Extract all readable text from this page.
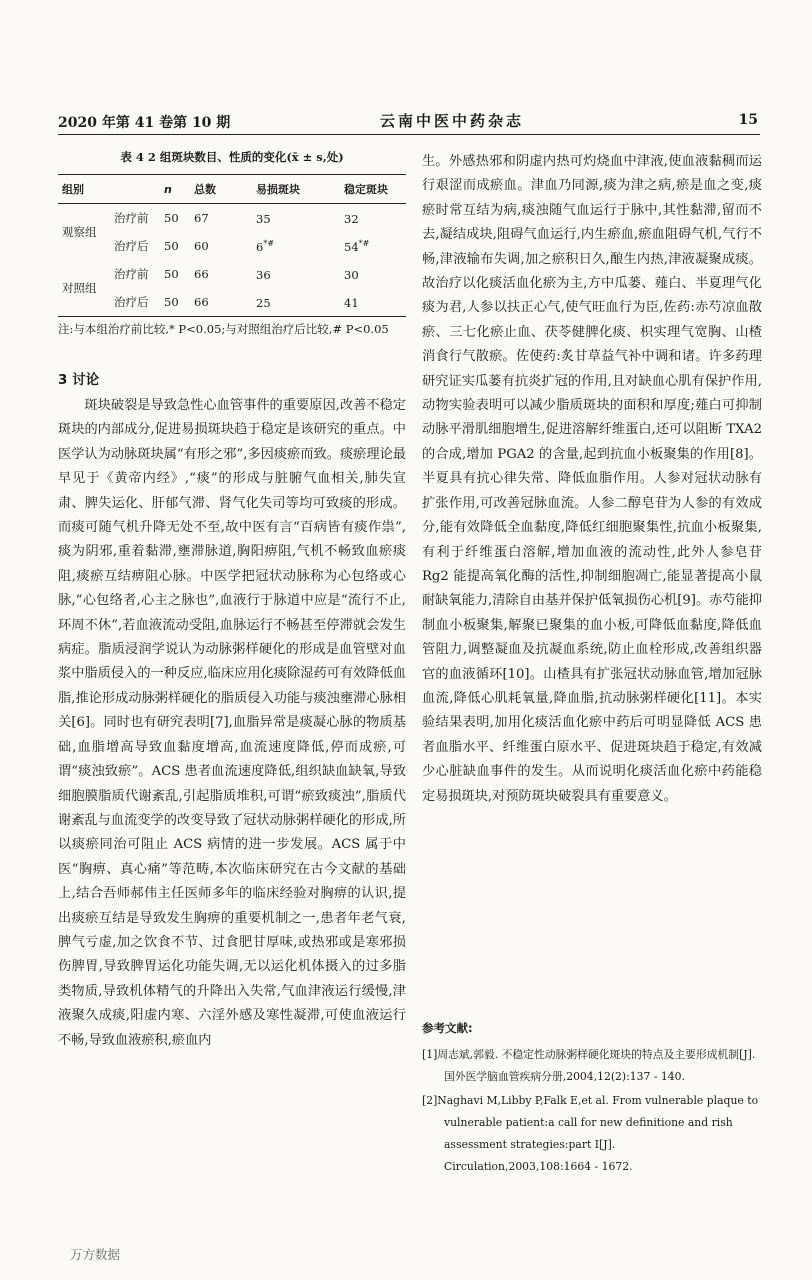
2020 年第 41 卷第 10 期	云南中医中药杂志	15
表 4 2 组斑块数目、性质的变化(x̄ ± s,处)
组别		n	总数	易损斑块	稳定斑块
观察组	治疗前	50	67	35	32
	治疗后	50	60	6*#	54*#
对照组	治疗前	50	66	36	30
	治疗后	50	66	25	41
注:与本组治疗前比较,* P<0.05;与对照组治疗后比较,# P<0.05
3 讨论
斑块破裂是导致急性心血管事件的重要原因,改善不稳定斑块的内部成分,促进易损斑块趋于稳定是该研究的重点。中医学认为动脉斑块属“有形之邪”,多因痰瘀而致。痰瘀理论最早见于《黄帝内经》,“痰”的形成与脏腑气血相关,肺失宣肃、脾失运化、肝郁气滞、肾气化失司等均可致痰的形成。而痰可随气机升降无处不至,故中医有言“百病皆有痰作祟”,痰为阴邪,重着黏滞,壅滞脉道,胸阳痹阻,气机不畅致血瘀痰阻,痰瘀互结痹阻心脉。中医学把冠状动脉称为心包络或心脉,“心包络者,心主之脉也”,血液行于脉道中应是“流行不止,环周不休”,若血液流动受阻,血脉运行不畅甚至停滞就会发生病症。脂质浸润学说认为动脉粥样硬化的形成是血管壁对血浆中脂质侵入的一种反应,临床应用化痰除湿药可有效降低血脂,推论形成动脉粥样硬化的脂质侵入功能与痰浊壅滞心脉相关[6]。同时也有研究表明[7],血脂异常是痰凝心脉的物质基础,血脂增高导致血黏度增高,血流速度降低,停而成瘀,可谓“痰浊致瘀”。ACS 患者血流速度降低,组织缺血缺氧,导致细胞膜脂质代谢紊乱,引起脂质堆积,可谓“瘀致痰浊”,脂质代谢紊乱与血流变学的改变导致了冠状动脉粥样硬化的形成,所以痰瘀同治可阻止 ACS 病情的进一步发展。ACS 属于中医“胸痹、真心痛”等范畴,本次临床研究在古今文献的基础上,结合吾师郝伟主任医师多年的临床经验对胸痹的认识,提出痰瘀互结是导致发生胸痹的重要机制之一,患者年老气衰,脾气亏虚,加之饮食不节、过食肥甘厚味,或热邪或是寒邪损伤脾胃,导致脾胃运化功能失调,无以运化机体摄入的过多脂类物质,导致机体精气的升降出入失常,气血津液运行缓慢,津液聚久成痰,阳虚内寒、六淫外感及寒性凝滞,可使血液运行不畅,导致血液瘀积,瘀血内
生。外感热邪和阴虚内热可灼烧血中津液,使血液黏稠而运行艰涩而成瘀血。津血乃同源,痰为津之病,瘀是血之变,痰瘀时常互结为病,痰浊随气血运行于脉中,其性黏滞,留而不去,凝结成块,阻碍气血运行,内生瘀血,瘀血阻碍气机,气行不畅,津液输布失调,加之瘀积日久,酿生内热,津液凝聚成痰。故治疗以化痰活血化瘀为主,方中瓜蒌、薤白、半夏理气化痰为君,人参以扶正心气,使气旺血行为臣,佐药:赤芍凉血散瘀、三七化瘀止血、茯苓健脾化痰、枳实理气宽胸、山楂消食行气散瘀。佐使药:炙甘草益气补中调和诸。许多药理研究证实瓜蒌有抗炎扩冠的作用,且对缺血心肌有保护作用,动物实验表明可以减少脂质斑块的面积和厚度;薤白可抑制动脉平滑肌细胞增生,促进溶解纤维蛋白,还可以阻断 TXA2 的合成,增加 PGA2 的含量,起到抗血小板聚集的作用[8]。半夏具有抗心律失常、降低血脂作用。人参对冠状动脉有扩张作用,可改善冠脉血流。人参二醇皂苷为人参的有效成分,能有效降低全血黏度,降低红细胞聚集性,抗血小板聚集,有利于纤维蛋白溶解,增加血液的流动性,此外人参皂苷 Rg2 能提高氧化酶的活性,抑制细胞凋亡,能显著提高小鼠耐缺氧能力,清除自由基并保护低氧损伤心机[9]。赤芍能抑制血小板聚集,解聚已聚集的血小板,可降低血黏度,降低血管阻力,调整凝血及抗凝血系统,防止血栓形成,改善组织器官的血液循环[10]。山楂具有扩张冠状动脉血管,增加冠脉血流,降低心肌耗氧量,降血脂,抗动脉粥样硬化[11]。本实验结果表明,加用化痰活血化瘀中药后可明显降低 ACS 患者血脂水平、纤维蛋白原水平、促进斑块趋于稳定,有效减少心脏缺血事件的发生。从而说明化痰活血化瘀中药能稳定易损斑块,对预防斑块破裂具有重要意义。
参考文献:
[1]周志斌,郭毅. 不稳定性动脉粥样硬化斑块的特点及主要形成机制[J]. 国外医学脑血管疾病分册,2004,12(2):137 - 140.
[2]Naghavi M,Libby P,Falk E,et al. From vulnerable plaque to vulnerable patient:a call for new definitione and rish assessment strategies:part Ⅰ[J]. Circulation,2003,108:1664 - 1672.
万方数据
